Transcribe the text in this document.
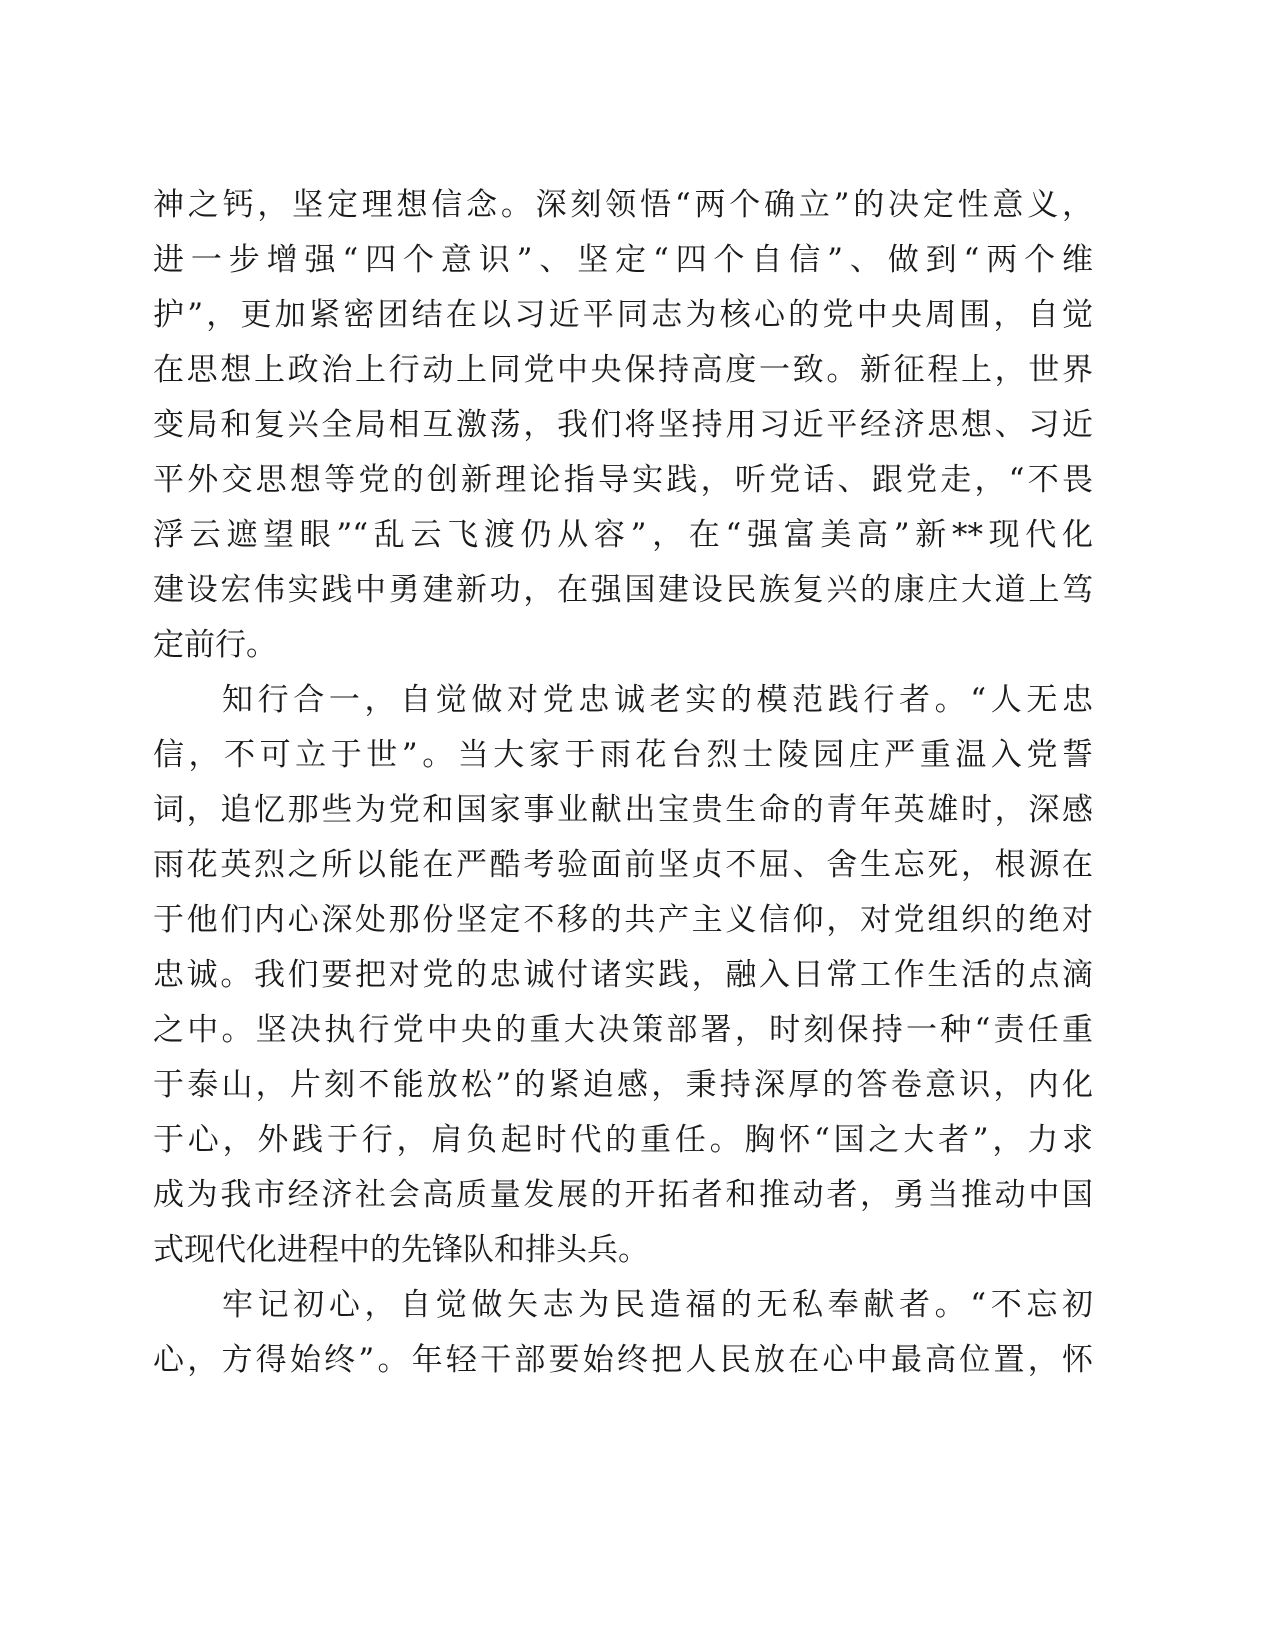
神之钙，坚定理想信念。深刻领悟“两个确立”的决定性意义，
进一步增强“四个意识”、坚定“四个自信”、做到“两个维
护”，更加紧密团结在以习近平同志为核心的党中央周围，自觉
在思想上政治上行动上同党中央保持高度一致。新征程上，世界
变局和复兴全局相互激荡，我们将坚持用习近平经济思想、习近
平外交思想等党的创新理论指导实践，听党话、跟党走，“不畏
浮云遮望眼”“乱云飞渡仍从容”，在“强富美高”新**现代化
建设宏伟实践中勇建新功，在强国建设民族复兴的康庄大道上笃
定前行。
知行合一，自觉做对党忠诚老实的模范践行者。“人无忠
信，不可立于世”。当大家于雨花台烈士陵园庄严重温入党誓
词，追忆那些为党和国家事业献出宝贵生命的青年英雄时，深感
雨花英烈之所以能在严酷考验面前坚贞不屈、舍生忘死，根源在
于他们内心深处那份坚定不移的共产主义信仰，对党组织的绝对
忠诚。我们要把对党的忠诚付诸实践，融入日常工作生活的点滴
之中。坚决执行党中央的重大决策部署，时刻保持一种“责任重
于泰山，片刻不能放松”的紧迫感，秉持深厚的答卷意识，内化
于心，外践于行，肩负起时代的重任。胸怀“国之大者”，力求
成为我市经济社会高质量发展的开拓者和推动者，勇当推动中国
式现代化进程中的先锋队和排头兵。
牢记初心，自觉做矢志为民造福的无私奉献者。“不忘初
心，方得始终”。年轻干部要始终把人民放在心中最高位置，怀
